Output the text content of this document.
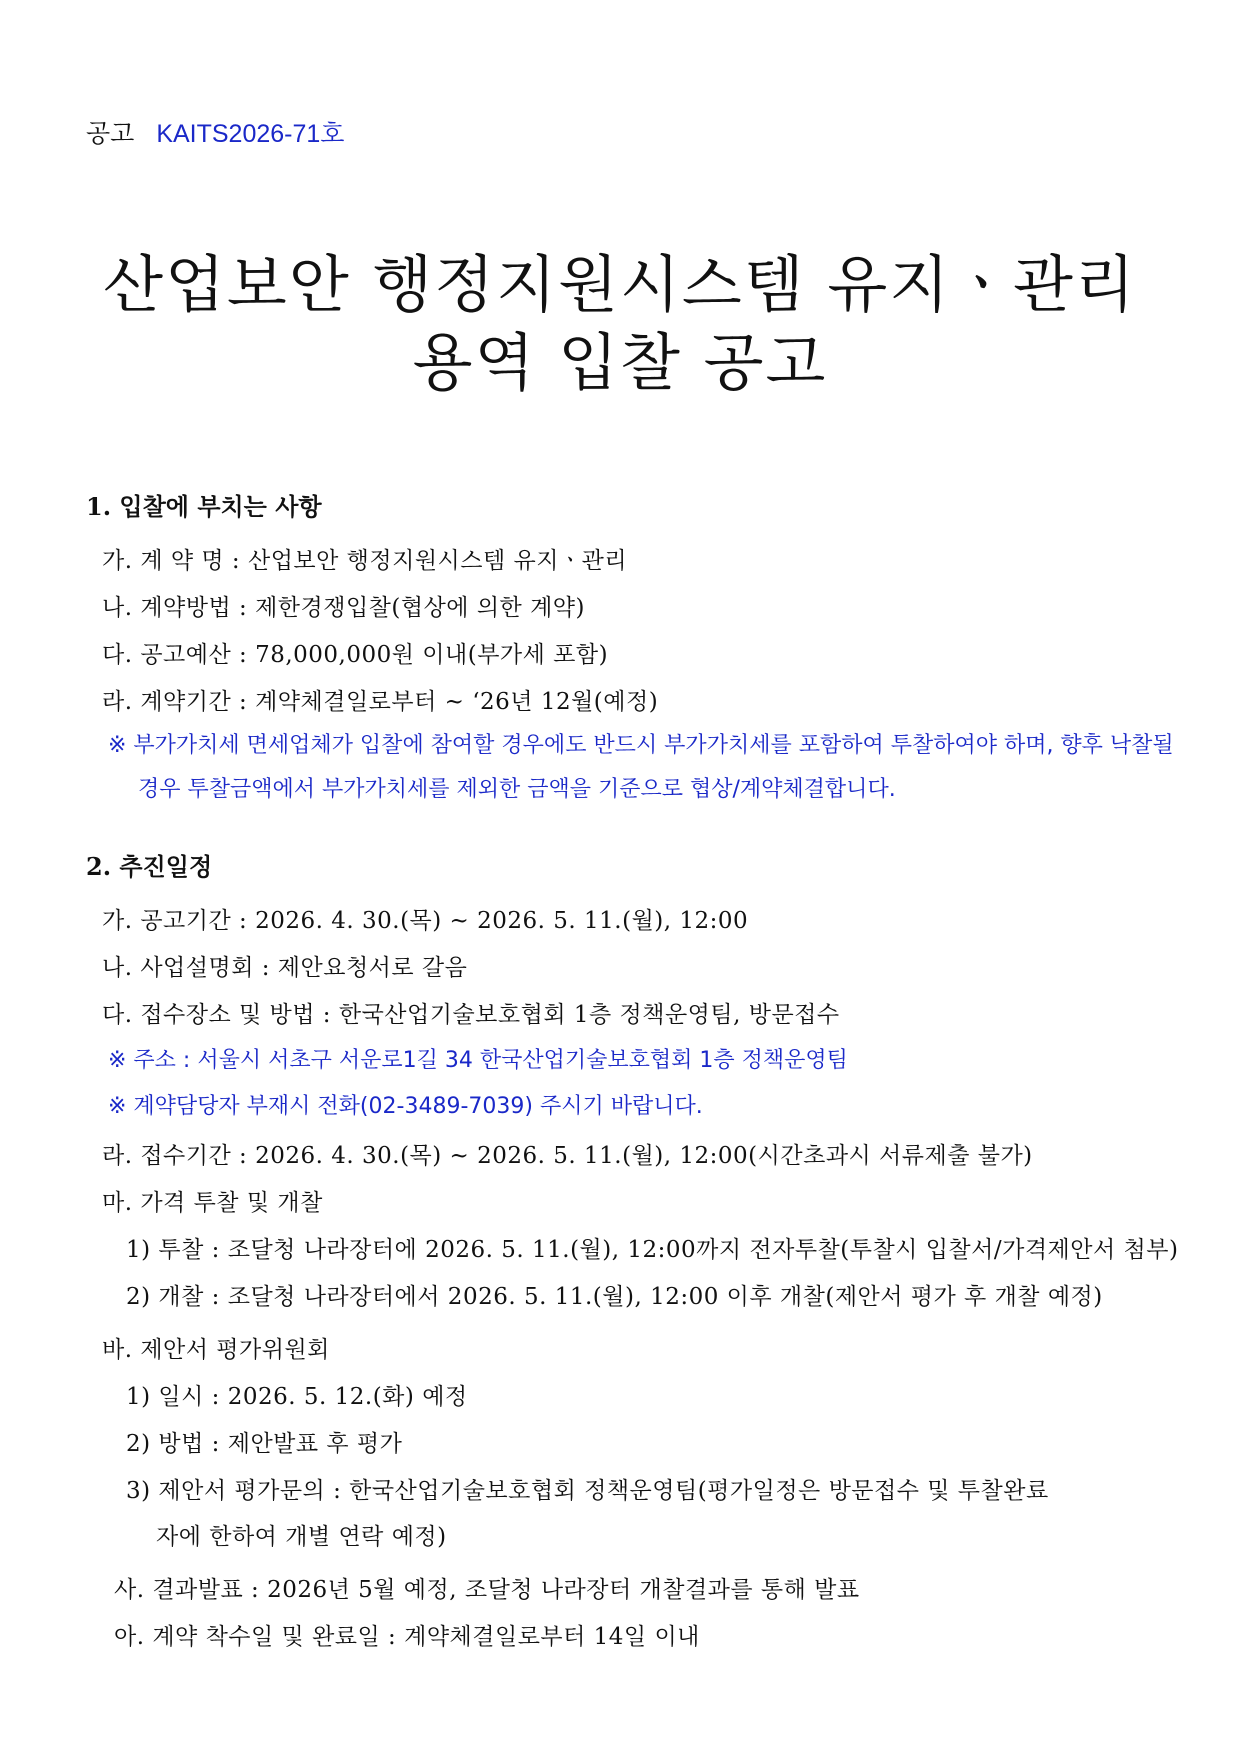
공고 KAITS2026-71호
산업보안 행정지원시스템 유지ㆍ관리
용역 입찰 공고
1. 입찰에 부치는 사항
가. 계 약 명 : 산업보안 행정지원시스템 유지ㆍ관리
나. 계약방법 : 제한경쟁입찰(협상에 의한 계약)
다. 공고예산 : 78,000,000원 이내(부가세 포함)
라. 계약기간 : 계약체결일로부터 ~ ‘26년 12월(예정)
※ 부가가치세 면세업체가 입찰에 참여할 경우에도 반드시 부가가치세를 포함하여 투찰하여야 하며, 향후 낙찰될 경우 투찰금액에서 부가가치세를 제외한 금액을 기준으로 협상/계약체결합니다.
2. 추진일정
가. 공고기간 : 2026. 4. 30.(목) ~ 2026. 5. 11.(월), 12:00
나. 사업설명회 : 제안요청서로 갈음
다. 접수장소 및 방법 : 한국산업기술보호협회 1층 정책운영팀, 방문접수
※ 주소 : 서울시 서초구 서운로1길 34 한국산업기술보호협회 1층 정책운영팀
※ 계약담당자 부재시 전화(02-3489-7039) 주시기 바랍니다.
라. 접수기간 : 2026. 4. 30.(목) ~ 2026. 5. 11.(월), 12:00(시간초과시 서류제출 불가)
마. 가격 투찰 및 개찰
1) 투찰 : 조달청 나라장터에 2026. 5. 11.(월), 12:00까지 전자투찰(투찰시 입찰서/가격제안서 첨부)
2) 개찰 : 조달청 나라장터에서 2026. 5. 11.(월), 12:00 이후 개찰(제안서 평가 후 개찰 예정)
바. 제안서 평가위원회
1) 일시 : 2026. 5. 12.(화) 예정
2) 방법 : 제안발표 후 평가
3) 제안서 평가문의 : 한국산업기술보호협회 정책운영팀(평가일정은 방문접수 및 투찰완료
자에 한하여 개별 연락 예정)
사. 결과발표 : 2026년 5월 예정, 조달청 나라장터 개찰결과를 통해 발표
아. 계약 착수일 및 완료일 : 계약체결일로부터 14일 이내
